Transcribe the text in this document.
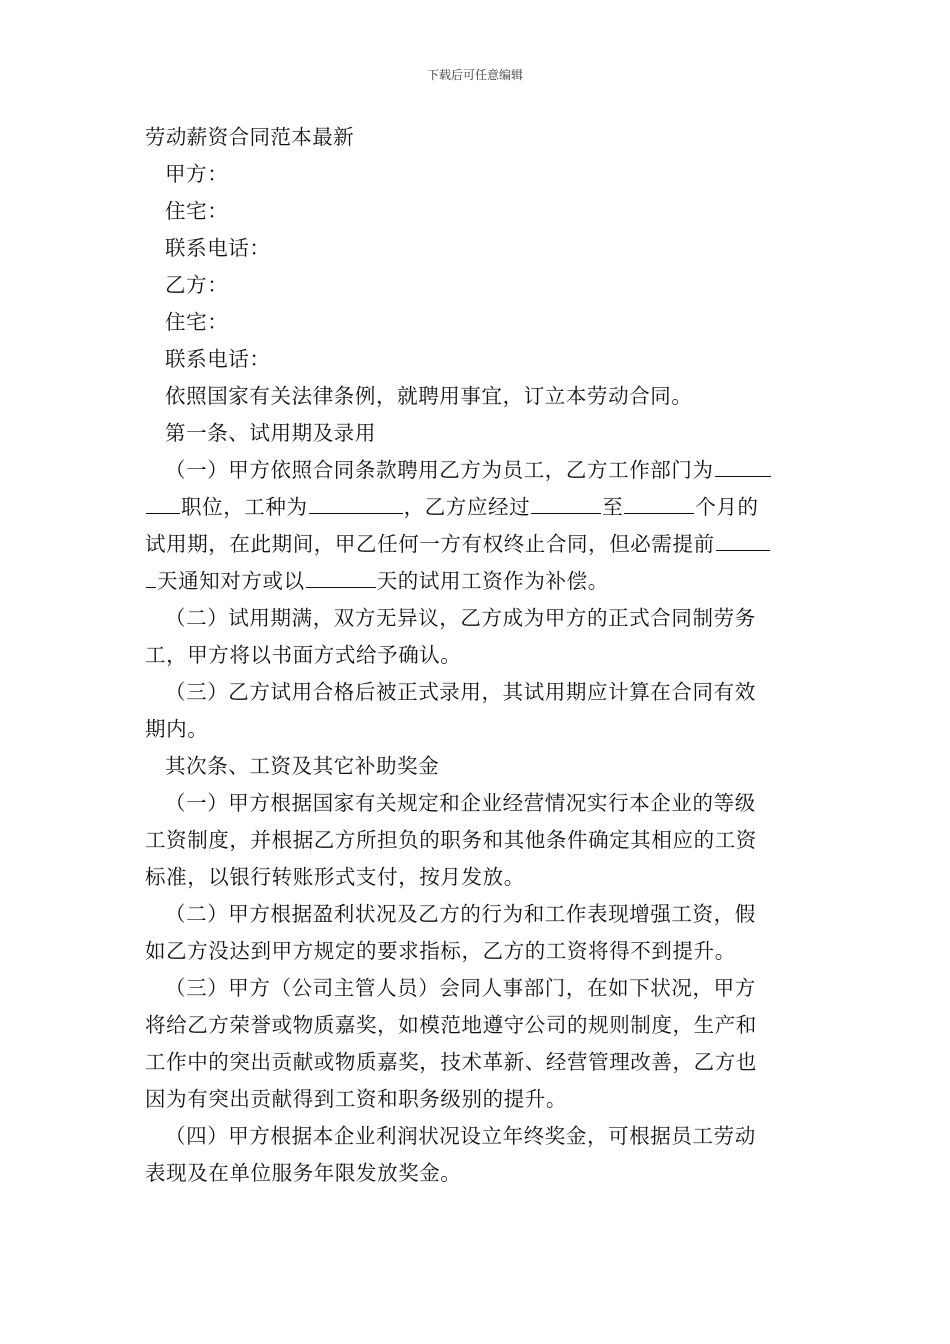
下载后可任意编辑
劳动薪资合同范本最新
甲方：
住宅：
联系电话：
乙方：
住宅：
联系电话：
依照国家有关法律条例，就聘用事宜，订立本劳动合同。
第一条、试用期及录用
（一）甲方依照合同条款聘用乙方为员工，乙方工作部门为
职位，工种为	，乙方应经过	至	个月的
试用期，在此期间，甲乙任何一方有权终止合同，但必需提前
天通知对方或以	天的试用工资作为补偿。
（二）试用期满，双方无异议，乙方成为甲方的正式合同制劳务
工，甲方将以书面方式给予确认。
（三）乙方试用合格后被正式录用，其试用期应计算在合同有效
期内。
其次条、工资及其它补助奖金
（一）甲方根据国家有关规定和企业经营情况实行本企业的等级
工资制度，并根据乙方所担负的职务和其他条件确定其相应的工资
标准，以银行转账形式支付，按月发放。
（二）甲方根据盈利状况及乙方的行为和工作表现增强工资，假
如乙方没达到甲方规定的要求指标，乙方的工资将得不到提升。
（三）甲方（公司主管人员）会同人事部门，在如下状况，甲方
将给乙方荣誉或物质嘉奖，如模范地遵守公司的规则制度，生产和
工作中的突出贡献或物质嘉奖，技术革新、经营管理改善，乙方也
因为有突出贡献得到工资和职务级别的提升。
（四）甲方根据本企业利润状况设立年终奖金，可根据员工劳动
表现及在单位服务年限发放奖金。
